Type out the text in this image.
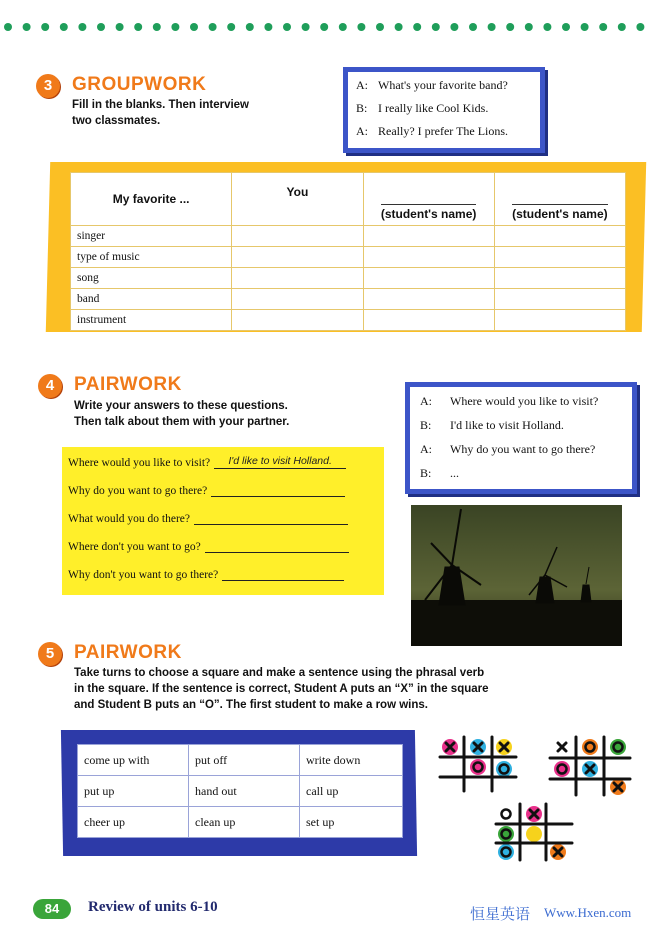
3	GROUPWORK
Fill in the blanks. Then interview
two classmates.
A: What's your favorite band?
B: I really like Cool Kids.
A: Really? I prefer The Lions.
My favorite ...	You	(student's name)	(student's name)
singer			
type of music			
song			
band			
instrument			
4	PAIRWORK
Write your answers to these questions.
Then talk about them with your partner.
A:	Where would you like to visit?
B:	I'd like to visit Holland.
A:	Why do you want to go there?
B:	...
Where would you like to visit?	I'd like to visit Holland.
Why do you want to go there?
What would you do there?
Where don't you want to go?
Why don't you want to go there?
5	PAIRWORK
Take turns to choose a square and make a sentence using the phrasal verb
in the square. If the sentence is correct, Student A puts an “X” in the square
and Student B puts an “O”. The first student to make a row wins.
come up with	put off	write down
put up	hand out	call up
cheer up	clean up	set up
84	Review of units 6-10	恒星英语 Www.Hxen.com
